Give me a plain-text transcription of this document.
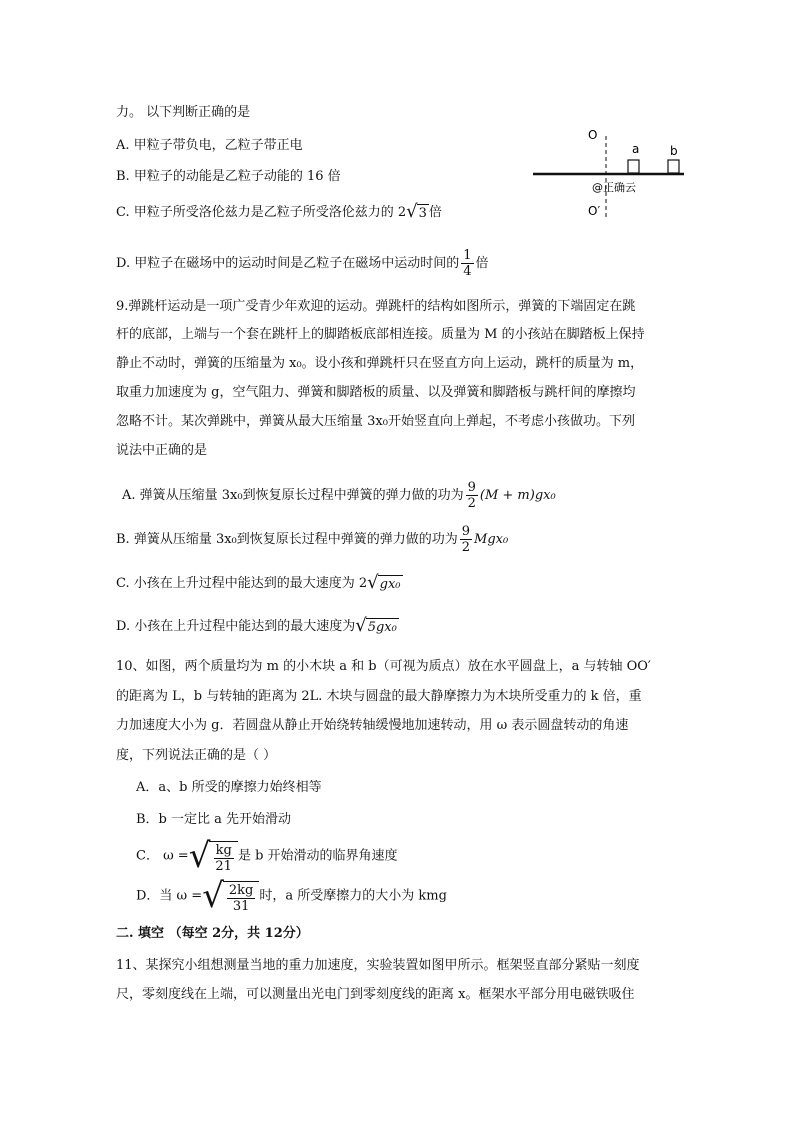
力。 以下判断正确的是
A. 甲粒子带负电，乙粒子带正电
B. 甲粒子的动能是乙粒子动能的 16 倍
C. 甲粒子所受洛伦兹力是乙粒子所受洛伦兹力的 2 √ 3 倍
D. 甲粒子在磁场中的运动时间是乙粒子在磁场中运动时间的 $\frac{1}{4}$ 倍
O
a	b
@正确云
O′
9.弹跳杆运动是一项广受青少年欢迎的运动。弹跳杆的结构如图所示，弹簧的下端固定在跳
杆的底部，上端与一个套在跳杆上的脚踏板底部相连接。质量为 M 的小孩站在脚踏板上保持
静止不动时，弹簧的压缩量为 x₀。设小孩和弹跳杆只在竖直方向上运动，跳杆的质量为 m，
取重力加速度为 g，空气阻力、弹簧和脚踏板的质量、以及弹簧和脚踏板与跳杆间的摩擦均
忽略不计。某次弹跳中，弹簧从最大压缩量 3x₀开始竖直向上弹起，不考虑小孩做功。下列
说法中正确的是
A. 弹簧从压缩量 3x₀到恢复原长过程中弹簧的弹力做的功为 $\frac{9}{2} (M + m)gx_0$
B. 弹簧从压缩量 3x₀到恢复原长过程中弹簧的弹力做的功为 $\frac{9}{2} Mgx_0$
C. 小孩在上升过程中能达到的最大速度为 2 √ gx₀
D. 小孩在上升过程中能达到的最大速度为 √ 5gx₀
10、如图，两个质量均为 m 的小木块 a 和 b（可视为质点）放在水平圆盘上，a 与转轴 OO′
的距离为 L，b 与转轴的距离为 2L. 木块与圆盘的最大静摩擦力为木块所受重力的 k 倍，重
力加速度大小为 g．若圆盘从静止开始绕转轴缓慢地加速转动，用 ω 表示圆盘转动的角速
度，下列说法正确的是（ ）
A．a、b 所受的摩擦力始终相等
B．b 一定比 a 先开始滑动
C． ω = √ $\frac{kg}{21}$ 是 b 开始滑动的临界角速度
D．当 ω = √ $\frac{2kg}{31}$ 时，a 所受摩擦力的大小为 kmg
二. 填空 （每空 2分，共 12分）
11、某探究小组想测量当地的重力加速度，实验装置如图甲所示。框架竖直部分紧贴一刻度
尺，零刻度线在上端，可以测量出光电门到零刻度线的距离 x。框架水平部分用电磁铁吸住
